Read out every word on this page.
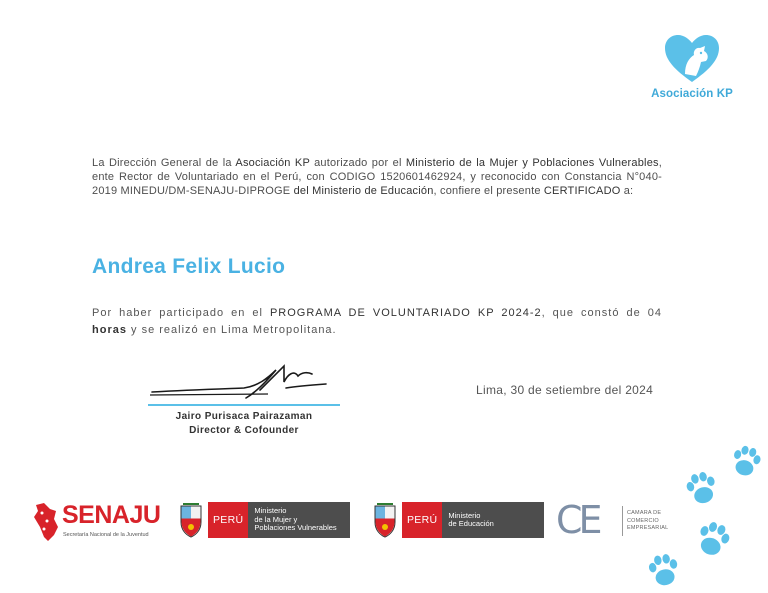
Asociación KP

La Dirección General de la Asociación KP autorizado por el Ministerio de la Mujer y Poblaciones Vulnerables, ente Rector de Voluntariado en el Perú, con CODIGO 1520601462924, y reconocido con Constancia N°040-2019 MINEDU/DM-SENAJU-DIPROGE del Ministerio de Educación, confiere el presente CERTIFICADO a:

Andrea Felix Lucio

Por haber participado en el PROGRAMA DE VOLUNTARIADO KP 2024-2, que constó de 04 horas y se realizó en Lima Metropolitana.

Jairo Purisaca Pairazaman
Director & Cofounder
Lima, 30 de setiembre del 2024
SENAJU
Secretaría Nacional de la Juventud
PERÚ
Ministerio
de la Mujer y
Poblaciones Vulnerables
PERÚ	Ministerio
de Educación	CE	CAMARA DE
COMERCIO
EMPRESARIAL
